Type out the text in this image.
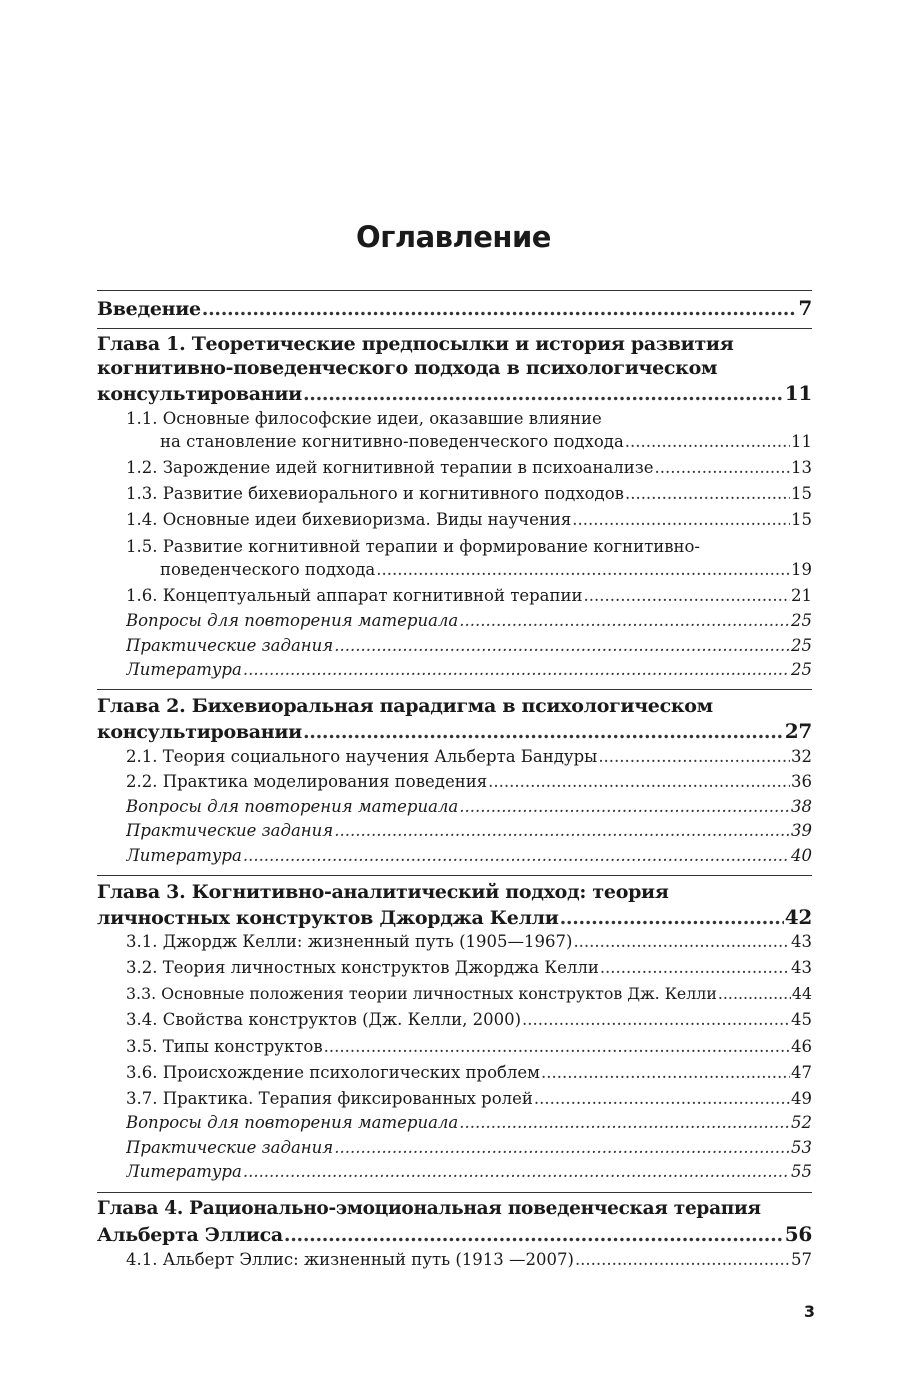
Оглавление
Введение .....	7
Глава 1. Теоретические предпосылки и история развития
когнитивно-поведенческого подхода в психологическом
консультировании .....	11
1.1. Основные философские идеи, оказавшие влияние
на становление когнитивно-поведенческого подхода .....	11
1.2. Зарождение идей когнитивной терапии в психоанализе .....	13
1.3. Развитие бихевиорального и когнитивного подходов .....	15
1.4. Основные идеи бихевиоризма. Виды научения .....	15
1.5. Развитие когнитивной терапии и формирование когнитивно-
поведенческого подхода .....	19
1.6. Концептуальный аппарат когнитивной терапии .....	21
Вопросы для повторения материала .....	25
Практические задания .....	25
Литература .....	25
Глава 2. Бихевиоральная парадигма в психологическом
консультировании .....	27
2.1. Теория социального научения Альберта Бандуры .....	32
2.2. Практика моделирования поведения .....	36
Вопросы для повторения материала .....	38
Практические задания .....	39
Литература .....	40
Глава 3. Когнитивно-аналитический подход: теория
личностных конструктов Джорджа Келли .....	42
3.1. Джордж Келли: жизненный путь (1905—1967) .....	43
3.2. Теория личностных конструктов Джорджа Келли .....	43
3.3. Основные положения теории личностных конструктов Дж. Келли .....	44
3.4. Свойства конструктов (Дж. Келли, 2000) .....	45
3.5. Типы конструктов .....	46
3.6. Происхождение психологических проблем .....	47
3.7. Практика. Терапия фиксированных ролей .....	49
Вопросы для повторения материала .....	52
Практические задания .....	53
Литература .....	55
Глава 4. Рационально-эмоциональная поведенческая терапия
Альберта Эллиса .....	56
4.1. Альберт Эллис: жизненный путь (1913 —2007) .....	57
3
